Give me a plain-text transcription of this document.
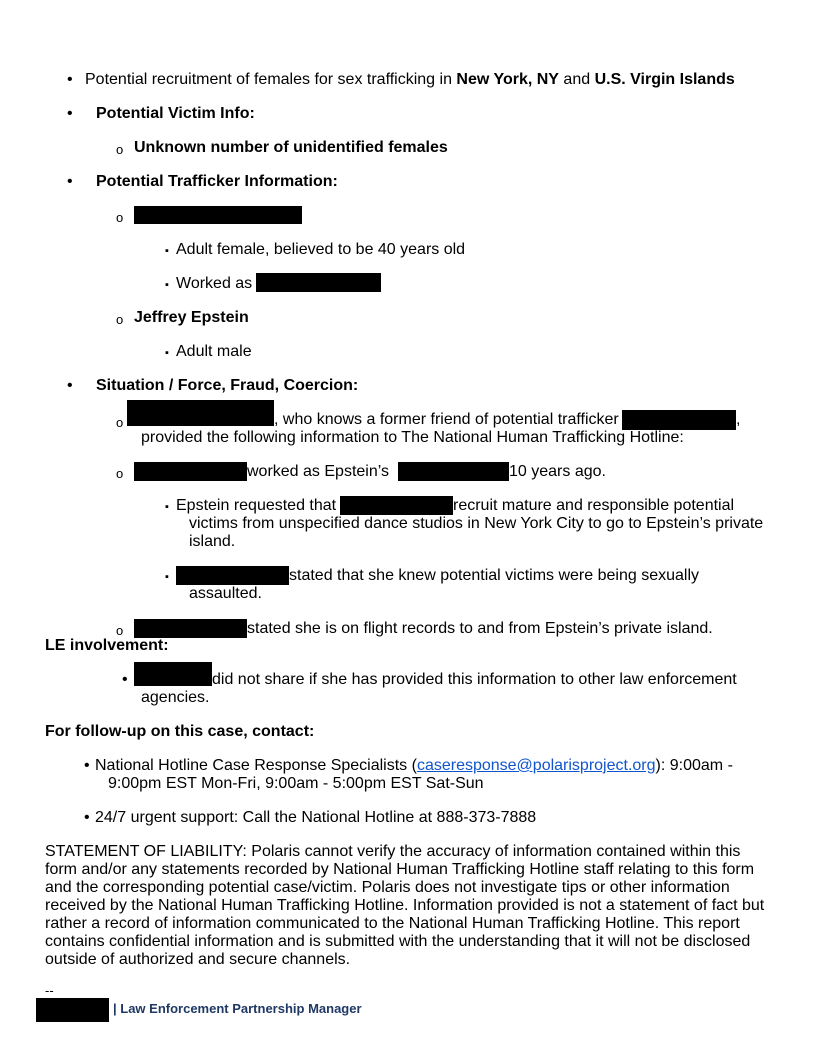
•
Potential recruitment of females for sex trafficking in New York, NY and U.S. Virgin Islands
•
Potential Victim Info:
o Unknown number of unidentified females
•
Potential Trafficker Information:
o
▪ Adult female, believed to be 40 years old
▪ Worked as
o Jeffrey Epstein
▪ Adult male
•
Situation / Force, Fraud, Coercion:
o	, who knows a former friend of potential trafficker	,
provided the following information to The National Human Trafficking Hotline:
o	worked as Epstein’s	10 years ago.
▪ Epstein requested that	recruit mature and responsible potential
victims from unspecified dance studios in New York City to go to Epstein’s private
island.
▪	stated that she knew potential victims were being sexually
assaulted.
o	stated she is on flight records to and from Epstein’s private island.
LE involvement:
•
did not share if she has provided this information to other law enforcement
agencies.
For follow-up on this case, contact:
•
National Hotline Case Response Specialists (caseresponse@polarisproject.org): 9:00am -
9:00pm EST Mon-Fri, 9:00am - 5:00pm EST Sat-Sun
•
24/7 urgent support: Call the National Hotline at 888-373-7888
STATEMENT OF LIABILITY: Polaris cannot verify the accuracy of information contained within this
form and/or any statements recorded by National Human Trafficking Hotline staff relating to this form
and the corresponding potential case/victim. Polaris does not investigate tips or other information
received by the National Human Trafficking Hotline. Information provided is not a statement of fact but
rather a record of information communicated to the National Human Trafficking Hotline. This report
contains confidential information and is submitted with the understanding that it will not be disclosed
outside of authorized and secure channels.
--
| Law Enforcement Partnership Manager
